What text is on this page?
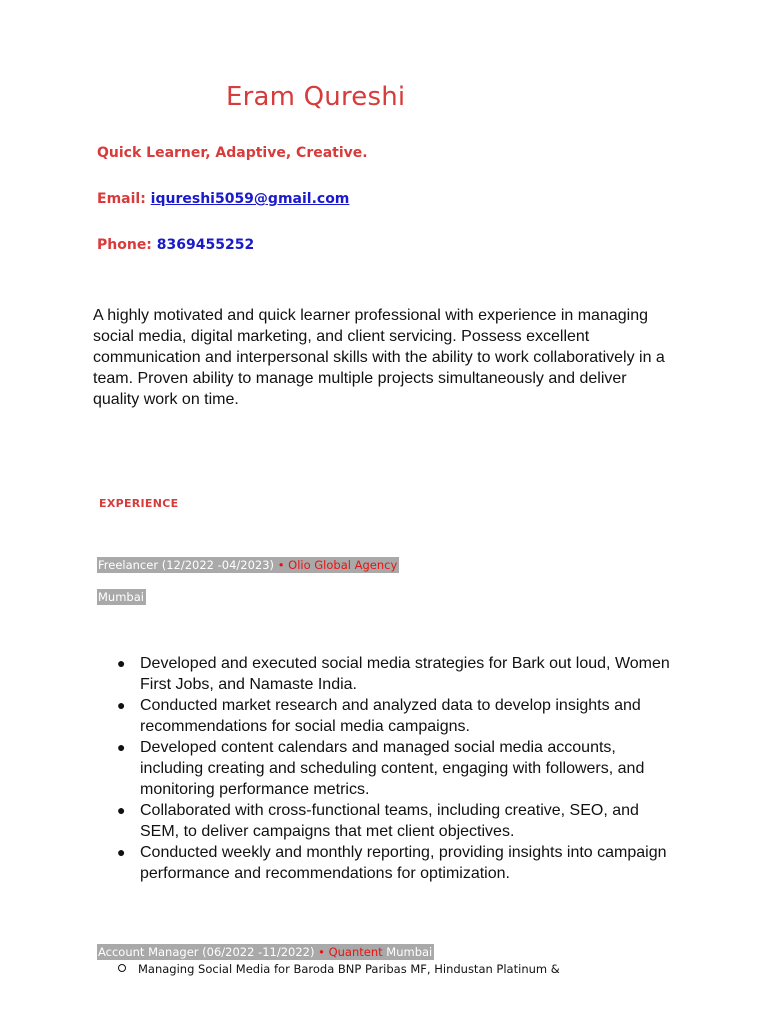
Eram Qureshi
Quick Learner, Adaptive, Creative.
Email: iqureshi5059@gmail.com
Phone: 8369455252
A highly motivated and quick learner professional with experience in managing social media, digital marketing, and client servicing. Possess excellent communication and interpersonal skills with the ability to work collaboratively in a team. Proven ability to manage multiple projects simultaneously and deliver quality work on time.
EXPERIENCE
Freelancer (12/2022 -04/2023) • Olio Global Agency
Mumbai
● Developed and executed social media strategies for Bark out loud, Women First Jobs, and Namaste India.
● Conducted market research and analyzed data to develop insights and recommendations for social media campaigns.
● Developed content calendars and managed social media accounts, including creating and scheduling content, engaging with followers, and monitoring performance metrics.
● Collaborated with cross-functional teams, including creative, SEO, and SEM, to deliver campaigns that met client objectives.
● Conducted weekly and monthly reporting, providing insights into campaign performance and recommendations for optimization.
Account Manager (06/2022 -11/2022) • Quantent Mumbai
Managing Social Media for Baroda BNP Paribas MF, Hindustan Platinum &
